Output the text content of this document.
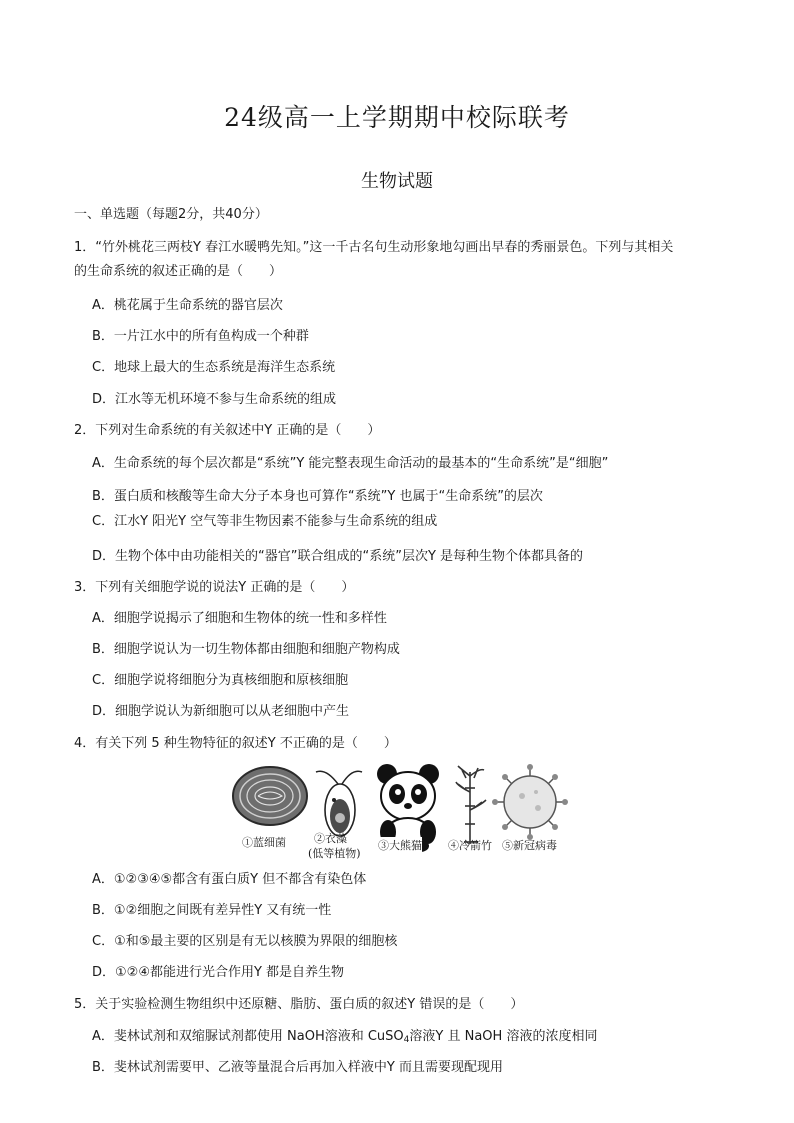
24级高一上学期期中校际联考
生物试题
一、单选题（每题2分，共40分）
1．“竹外桃花三两枝Y 春江水暖鸭先知。”这一千古名句生动形象地勾画出早春的秀丽景色。下列与其相关
的生命系统的叙述正确的是（　　）
A．桃花属于生命系统的器官层次
B．一片江水中的所有鱼构成一个种群
C．地球上最大的生态系统是海洋生态系统
D．江水等无机环境不参与生命系统的组成
2．下列对生命系统的有关叙述中Y 正确的是（　　）
A．生命系统的每个层次都是“系统”Y 能完整表现生命活动的最基本的“生命系统”是“细胞”
B．蛋白质和核酸等生命大分子本身也可算作“系统”Y 也属于“生命系统”的层次
C．江水Y 阳光Y 空气等非生物因素不能参与生命系统的组成
D．生物个体中由功能相关的“器官”联合组成的“系统”层次Y 是每种生物个体都具备的
3．下列有关细胞学说的说法Y 正确的是（　　）
A．细胞学说揭示了细胞和生物体的统一性和多样性
B．细胞学说认为一切生物体都由细胞和细胞产物构成
C．细胞学说将细胞分为真核细胞和原核细胞
D．细胞学说认为新细胞可以从老细胞中产生
4．有关下列 5 种生物特征的叙述Y 不正确的是（　　）
①蓝细菌	②衣藻
(低等植物)
③大熊猫 ④冷箭竹 ⑤新冠病毒
A．①②③④⑤都含有蛋白质Y 但不都含有染色体
B．①②细胞之间既有差异性Y 又有统一性
C．①和⑤最主要的区别是有无以核膜为界限的细胞核
D．①②④都能进行光合作用Y 都是自养生物
5．关于实验检测生物组织中还原糖、脂肪、蛋白质的叙述Y 错误的是（　　）
A．斐林试剂和双缩脲试剂都使用 NaOH溶液和 CuSO$_4$溶液Y 且 NaOH 溶液的浓度相同
B．斐林试剂需要甲、乙液等量混合后再加入样液中Y 而且需要现配现用
